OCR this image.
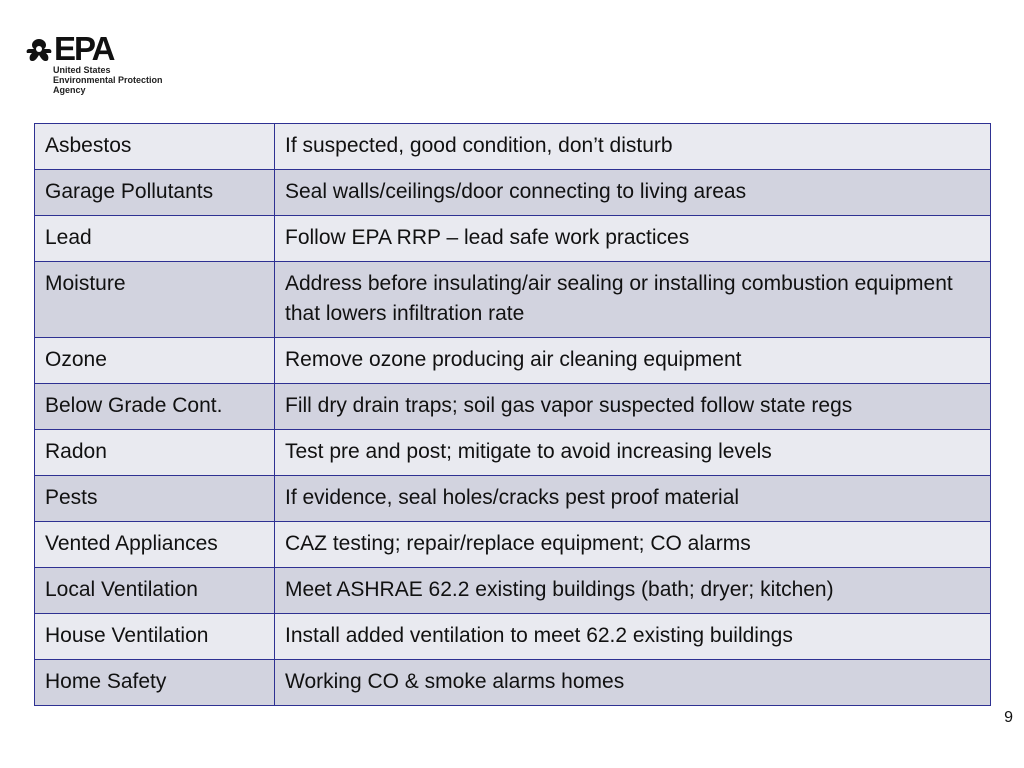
EPA
United States
Environmental Protection
Agency
Asbestos	If suspected, good condition, don’t disturb
Garage Pollutants	Seal walls/ceilings/door connecting to living areas
Lead	Follow EPA RRP – lead safe work practices
Moisture	Address before insulating/air sealing or installing combustion equipment that lowers infiltration rate
Ozone	Remove ozone producing air cleaning equipment
Below Grade Cont.	Fill dry drain traps; soil gas vapor suspected follow state regs
Radon	Test pre and post; mitigate to avoid increasing levels
Pests	If evidence, seal holes/cracks pest proof material
Vented Appliances	CAZ testing; repair/replace equipment; CO alarms
Local Ventilation	Meet ASHRAE 62.2 existing buildings (bath; dryer; kitchen)
House Ventilation	Install added ventilation to meet 62.2 existing buildings
Home Safety	Working CO & smoke alarms homes
9
